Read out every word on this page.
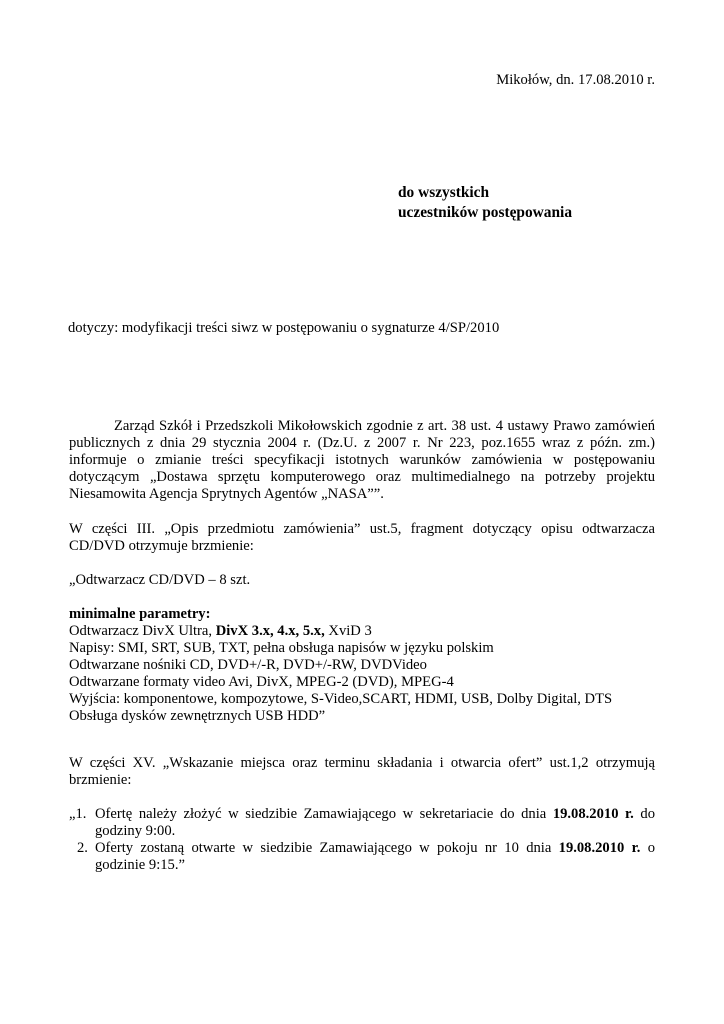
Mikołów, dn. 17.08.2010 r.
do wszystkich
uczestników postępowania
dotyczy: modyfikacji treści siwz w postępowaniu o sygnaturze 4/SP/2010
Zarząd Szkół i Przedszkoli Mikołowskich zgodnie z art. 38 ust. 4 ustawy Prawo zamówień publicznych z dnia 29 stycznia 2004 r. (Dz.U. z 2007 r. Nr 223, poz.1655 wraz z późn. zm.) informuje o zmianie treści specyfikacji istotnych warunków zamówienia w postępowaniu dotyczącym „Dostawa sprzętu komputerowego oraz multimedialnego na potrzeby projektu Niesamowita Agencja Sprytnych Agentów „NASA””.
W części III. „Opis przedmiotu zamówienia” ust.5, fragment dotyczący opisu odtwarzacza CD/DVD otrzymuje brzmienie:
„Odtwarzacz CD/DVD – 8 szt.
minimalne parametry:
Odtwarzacz DivX Ultra, DivX 3.x, 4.x, 5.x, XviD 3
Napisy: SMI, SRT, SUB, TXT, pełna obsługa napisów w języku polskim
Odtwarzane nośniki CD, DVD+/-R, DVD+/-RW, DVDVideo
Odtwarzane formaty video Avi, DivX, MPEG-2 (DVD), MPEG-4
Wyjścia: komponentowe, kompozytowe, S-Video,SCART, HDMI, USB, Dolby Digital, DTS
Obsługa dysków zewnętrznych USB HDD”
W części XV. „Wskazanie miejsca oraz terminu składania i otwarcia ofert” ust.1,2 otrzymują brzmienie:
„1. Ofertę należy złożyć w siedzibie Zamawiającego w sekretariacie do dnia 19.08.2010 r. do godziny 9:00.
2. Oferty zostaną otwarte w siedzibie Zamawiającego w pokoju nr 10 dnia 19.08.2010 r. o godzinie 9:15.”
